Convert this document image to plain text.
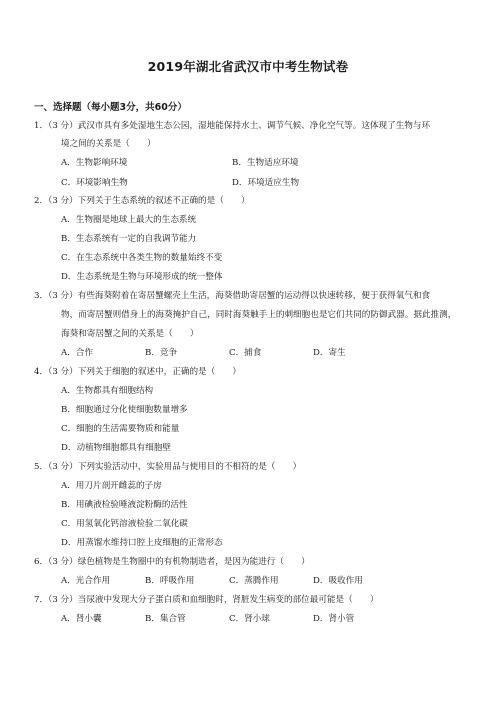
2019年湖北省武汉市中考生物试卷
一、选择题（每小题3分，共60分）
1．（3 分）武汉市具有多处湿地生态公园，湿地能保持水土、调节气候、净化空气等。这体现了生物与环
境之间的关系是（　　）
A．生物影响环境	B．生物适应环境
C．环境影响生物	D．环境适应生物
2．（3 分）下列关于生态系统的叙述不正确的是（　　）
A．生物圈是地球上最大的生态系统
B．生态系统有一定的自我调节能力
C．在生态系统中各类生物的数量始终不变
D．生态系统是生物与环境形成的统一整体
3．（3 分）有些海葵附着在寄居蟹螺壳上生活，海葵借助寄居蟹的运动得以快速转移，便于获得氧气和食
物，而寄居蟹则借身上的海葵掩护自己，同时海葵触手上的刺细胞也是它们共同的防御武器。据此推测，
海葵和寄居蟹之间的关系是（　　）
A．合作	B．竞争	C．捕食	D．寄生
4．（3 分）下列关于细胞的叙述中，正确的是（　　）
A．生物都具有细胞结构
B．细胞通过分化使细胞数量增多
C．细胞的生活需要物质和能量
D．动植物细胞都具有细胞壁
5．（3 分）下列实验活动中，实验用品与使用目的不相符的是（　　）
A．用刀片剖开雌蕊的子房
B．用碘液检验唾液淀粉酶的活性
C．用氢氧化钙溶液检验二氧化碳
D．用蒸馏水维持口腔上皮细胞的正常形态
6．（3 分）绿色植物是生物圈中的有机物制造者，是因为能进行（　　）
A．光合作用	B．呼吸作用	C．蒸腾作用	D．吸收作用
7．（3 分）当尿液中发现大分子蛋白质和血细胞时，肾脏发生病变的部位最可能是（　　）
A．肾小囊	B．集合管	C．肾小球	D．肾小管
